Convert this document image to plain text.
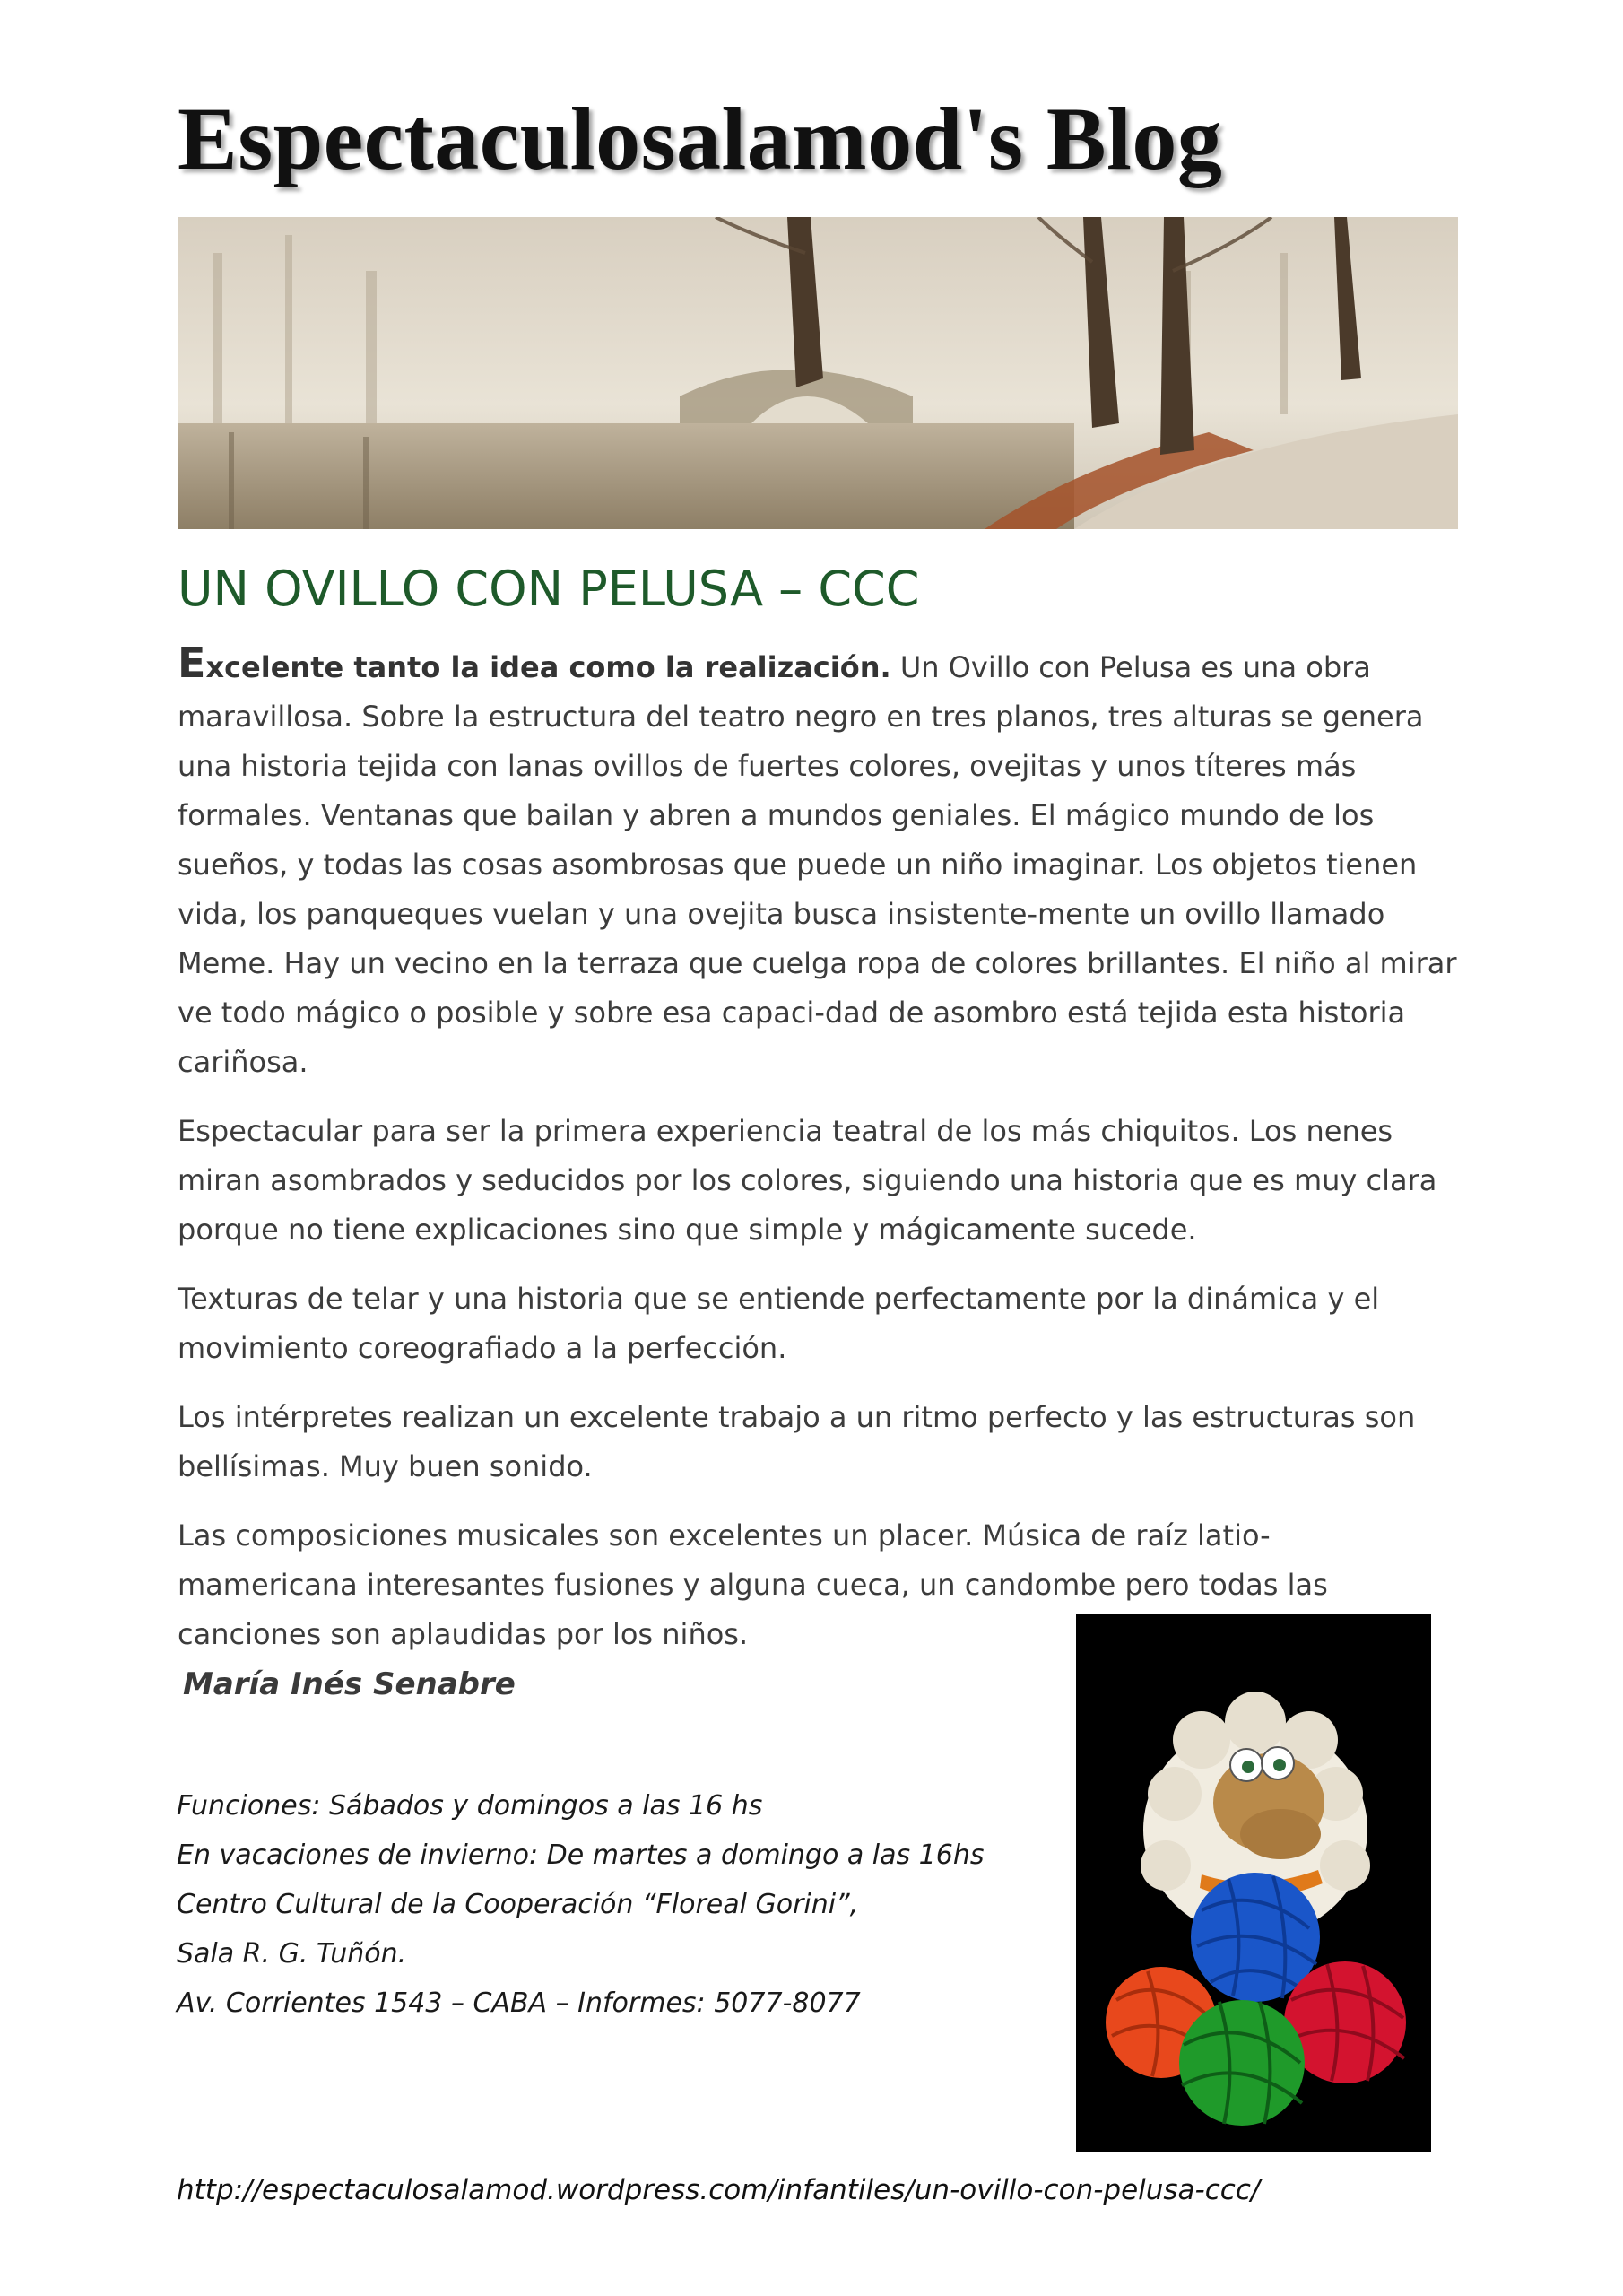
Espectaculosalamod's Blog
UN OVILLO CON PELUSA – CCC

Excelente tanto la idea como la realización. Un Ovillo con Pelusa es una obra maravillosa. Sobre la estructura del teatro negro en tres planos, tres alturas se genera una historia tejida con lanas ovillos de fuertes colores, ovejitas y unos títeres más formales. Ventanas que bailan y abren a mundos geniales. El mágico mundo de los sueños, y todas las cosas asombrosas que puede un niño imaginar. Los objetos tienen vida, los panqueques vuelan y una ovejita busca insistente-mente un ovillo llamado Meme. Hay un vecino en la terraza que cuelga ropa de colores brillantes. El niño al mirar ve todo mágico o posible y sobre esa capaci-dad de asombro está tejida esta historia cariñosa.

Espectacular para ser la primera experiencia teatral de los más chiquitos. Los nenes miran asombrados y seducidos por los colores, siguiendo una historia que es muy clara porque no tiene explicaciones sino que simple y mágicamente sucede.

Texturas de telar y una historia que se entiende perfectamente por la dinámica y el movimiento coreografiado a la perfección.

Los intérpretes realizan un excelente trabajo a un ritmo perfecto y las estructuras son bellísimas. Muy buen sonido.

Las composiciones musicales son excelentes un placer. Música de raíz latio-mamericana interesantes fusiones y alguna cueca, un candombe pero todas las canciones son aplaudidas por los niños.

María Inés Senabre

Funciones: Sábados y domingos a las 16 hs
En vacaciones de invierno: De martes a domingo a las 16hs
Centro Cultural de la Cooperación “Floreal Gorini”,
Sala R. G. Tuñón.
Av. Corrientes 1543 – CABA – Informes: 5077-8077

http://espectaculosalamod.wordpress.com/infantiles/un-ovillo-con-pelusa-ccc/
